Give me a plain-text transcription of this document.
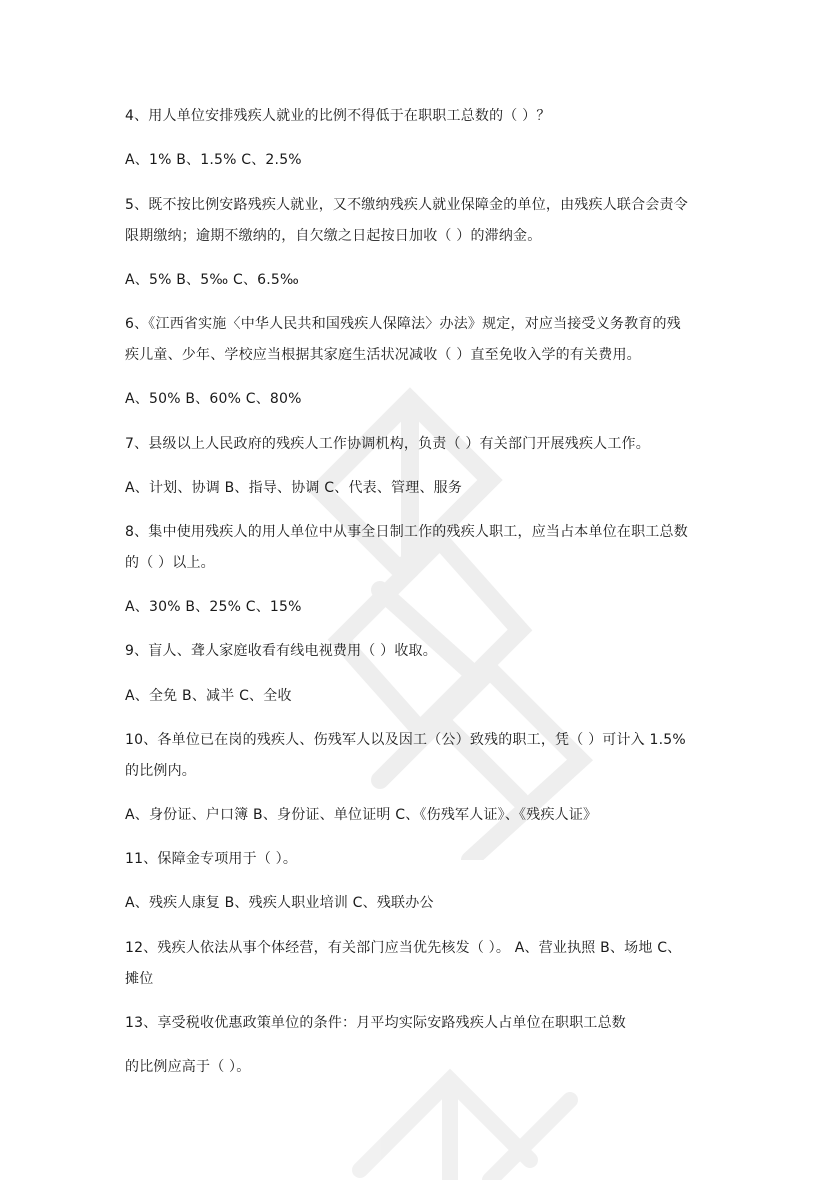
4、用人单位安排残疾人就业的比例不得低于在职职工总数的（ ）？
A、1% B、1.5% C、2.5%
5、既不按比例安路残疾人就业，又不缴纳残疾人就业保障金的单位，由残疾人联合会责令
限期缴纳；逾期不缴纳的，自欠缴之日起按日加收（ ）的滞纳金。
A、5% B、5‰ C、6.5‰
6、《江西省实施〈中华人民共和国残疾人保障法〉办法》规定，对应当接受义务教育的残
疾儿童、少年、学校应当根据其家庭生活状况减收（ ）直至免收入学的有关费用。
A、50% B、60% C、80%
7、县级以上人民政府的残疾人工作协调机构，负责（ ）有关部门开展残疾人工作。
A、计划、协调 B、指导、协调 C、代表、管理、服务
8、集中使用残疾人的用人单位中从事全日制工作的残疾人职工，应当占本单位在职工总数
的（ ）以上。
A、30% B、25% C、15%
9、盲人、聋人家庭收看有线电视费用（ ）收取。
A、全免 B、减半 C、全收
10、各单位已在岗的残疾人、伤残军人以及因工（公）致残的职工，凭（ ）可计入 1.5%
的比例内。
A、身份证、户口簿 B、身份证、单位证明 C、《伤残军人证》、《残疾人证》
11、保障金专项用于（ ）。
A、残疾人康复 B、残疾人职业培训 C、残联办公
12、残疾人依法从事个体经营，有关部门应当优先核发（ ）。 A、营业执照 B、场地 C、
摊位
13、享受税收优惠政策单位的条件：月平均实际安路残疾人占单位在职职工总数
的比例应高于（ ）。
